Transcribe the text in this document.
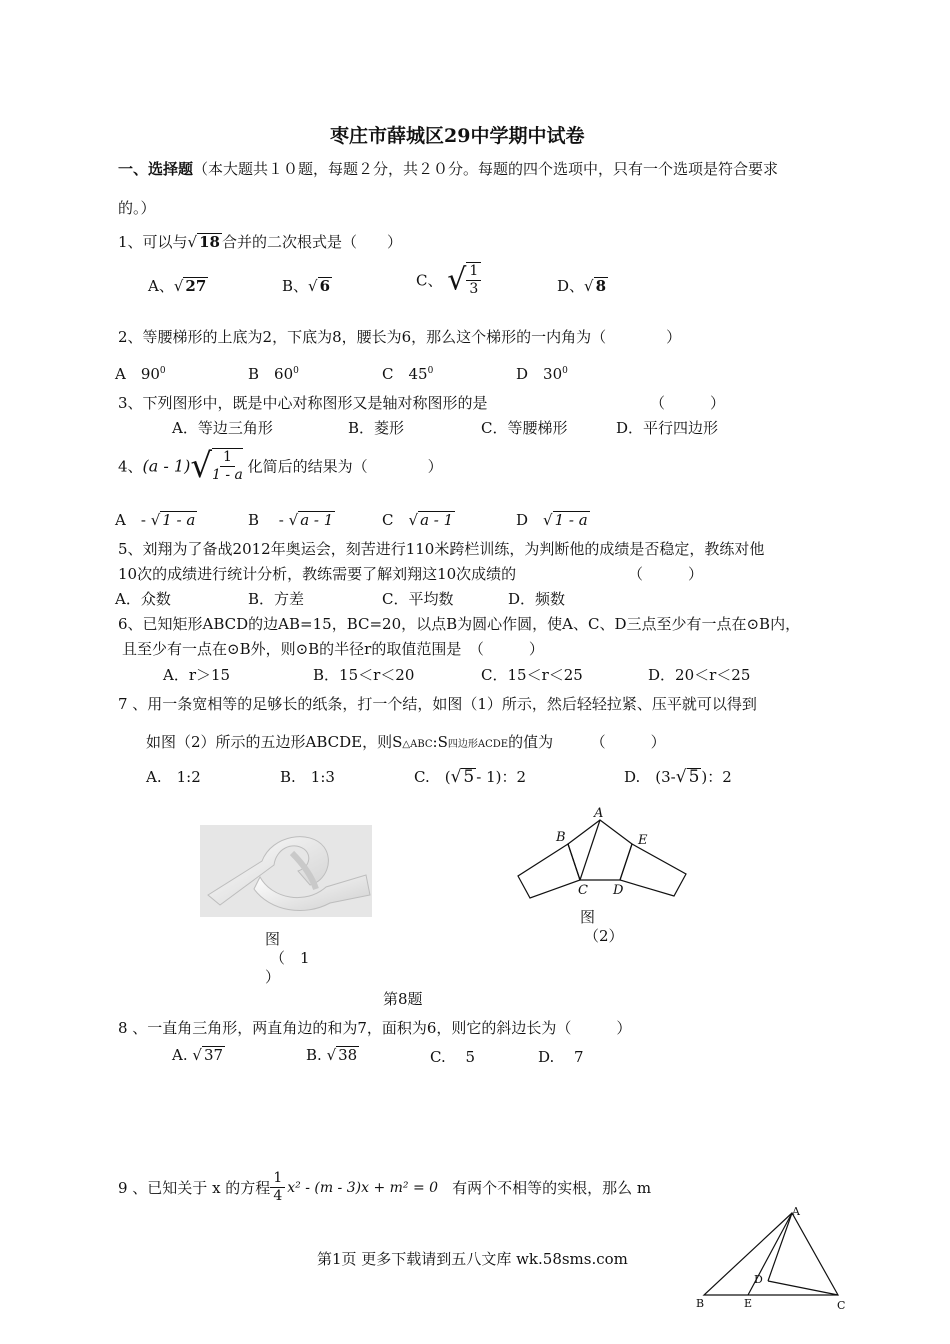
枣庄市薛城区29中学期中试卷
一、选择题（本大题共１０题，每题２分，共２０分。每题的四个选项中，只有一个选项是符合要求
的。）
1、可以与√ 18 合并的二次根式是（　　）
A、√ 27	B、√ 6	C、 √ $\frac{1}{3}$	D、√ 8
2、等腰梯形的上底为2，下底为8，腰长为6，那么这个梯形的一内角为（　　　　）
A　$90^0$	B　$60^0$	C　$45^0$	D　$30^0$
3、下列图形中，既是中心对称图形又是轴对称图形的是	（　　　）
A．等边三角形	B．菱形	C．等腰梯形	D．平行四边形
4、$(a - 1)√ \frac{1}{1 - a}$ 化简后的结果为（　　　　）
A　- √ 1 - a	B　 - √ a - 1	C　 √ a - 1	D　 √ 1 - a
5、刘翔为了备战2012年奥运会，刻苦进行110米跨栏训练，为判断他的成绩是否稳定，教练对他
10次的成绩进行统计分析，教练需要了解刘翔这10次成绩的	（　　　）
A．众数	B．方差	C．平均数	D．频数
6、已知矩形ABCD的边AB=15，BC=20，以点B为圆心作圆，使A、C、D三点至少有一点在⊙B内，
且至少有一点在⊙B外，则⊙B的半径r的取值范围是　（　　　）
A．r＞15	B．15＜r＜20	C．15＜r＜25	D．20＜r＜25
7 、用一条宽相等的足够长的纸条，打一个结，如图（1）所示，然后轻轻拉紧、压平就可以得到
如图（2）所示的五边形ABCDE，则S△ABC:S四边形ACDE的值为　　　（　　　）
A.　1:2	B.　1:3	C.　(√ 5 - 1)：2	D.　(3-√ 5 )：2
图
（　1
）
A
B
C D
E
图
（2）
第8题
8 、一直角三角形，两直角边的和为7，面积为6，则它的斜边长为（　　　）
A. √ 37	B. √ 38	C.　 5	D.　 7
9 、已知关于 x 的方程 $\frac{1}{4} x^2 - (m - 3)x + m^2 = 0$ 有两个不相等的实根，那么 m
第1页 更多下载请到五八文库 wk.58sms.com
A
B	E
D
C
